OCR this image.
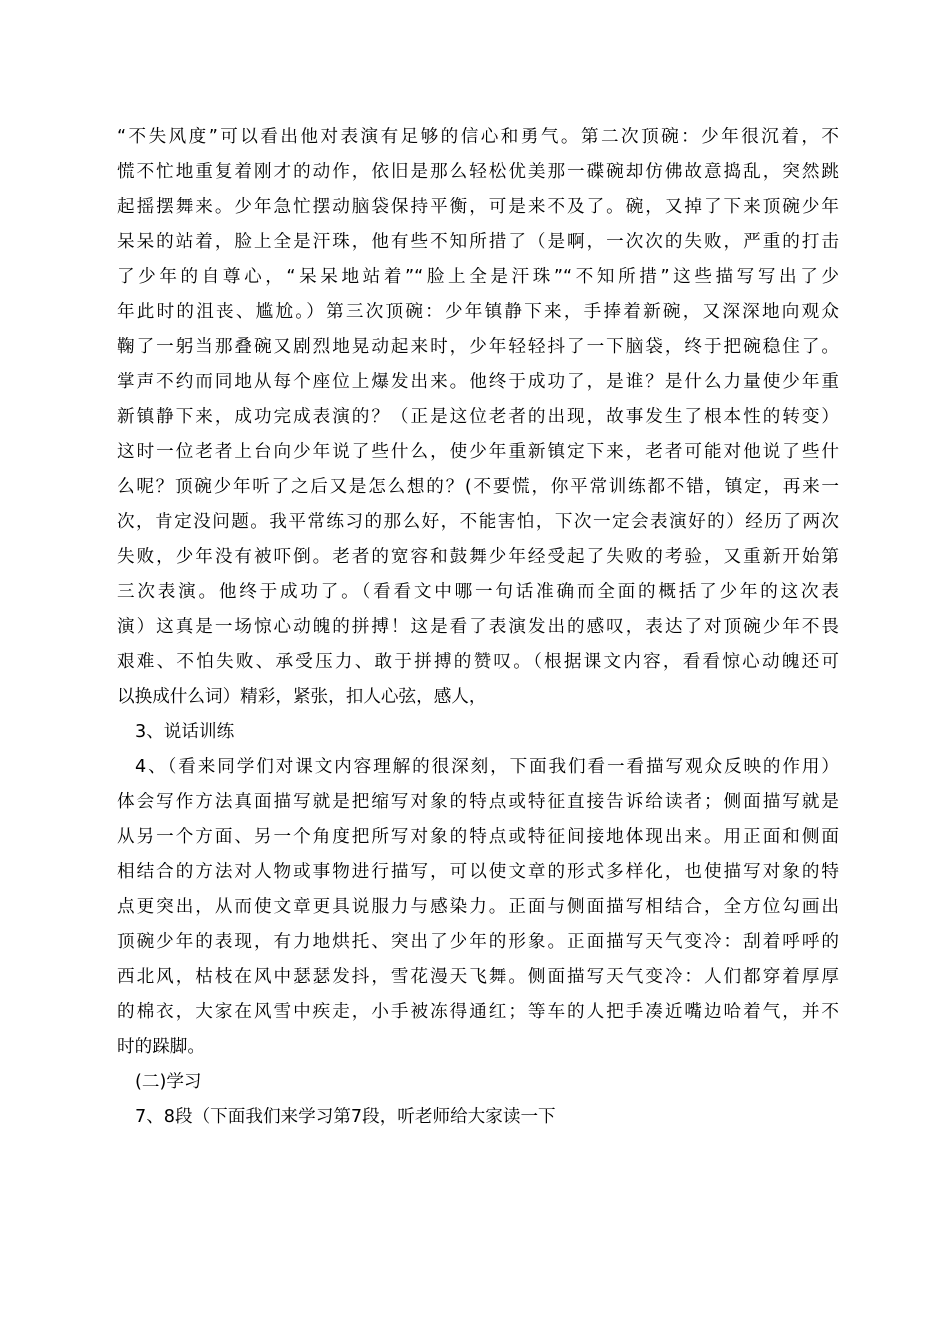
“不失风度”可以看出他对表演有足够的信心和勇气。第二次顶碗：少年很沉着，不
慌不忙地重复着刚才的动作，依旧是那么轻松优美那一碟碗却仿佛故意捣乱，突然跳
起摇摆舞来。少年急忙摆动脑袋保持平衡，可是来不及了。碗，又掉了下来顶碗少年
呆呆的站着，脸上全是汗珠，他有些不知所措了（是啊，一次次的失败，严重的打击
了少年的自尊心，“呆呆地站着”“脸上全是汗珠”“不知所措”这些描写写出了少
年此时的沮丧、尴尬。）第三次顶碗：少年镇静下来，手捧着新碗，又深深地向观众
鞠了一躬当那叠碗又剧烈地晃动起来时，少年轻轻抖了一下脑袋，终于把碗稳住了。
掌声不约而同地从每个座位上爆发出来。他终于成功了，是谁？是什么力量使少年重
新镇静下来，成功完成表演的？（正是这位老者的出现，故事发生了根本性的转变）
这时一位老者上台向少年说了些什么，使少年重新镇定下来，老者可能对他说了些什
么呢？顶碗少年听了之后又是怎么想的？(不要慌，你平常训练都不错，镇定，再来一
次，肯定没问题。我平常练习的那么好，不能害怕，下次一定会表演好的）经历了两次
失败，少年没有被吓倒。老者的宽容和鼓舞少年经受起了失败的考验，又重新开始第
三次表演。他终于成功了。（看看文中哪一句话准确而全面的概括了少年的这次表
演）这真是一场惊心动魄的拼搏！这是看了表演发出的感叹，表达了对顶碗少年不畏
艰难、不怕失败、承受压力、敢于拼搏的赞叹。（根据课文内容，看看惊心动魄还可
以换成什么词）精彩，紧张，扣人心弦，感人，
3、说话训练
4、（看来同学们对课文内容理解的很深刻，下面我们看一看描写观众反映的作用）
体会写作方法真面描写就是把缩写对象的特点或特征直接告诉给读者；侧面描写就是
从另一个方面、另一个角度把所写对象的特点或特征间接地体现出来。用正面和侧面
相结合的方法对人物或事物进行描写，可以使文章的形式多样化，也使描写对象的特
点更突出，从而使文章更具说服力与感染力。正面与侧面描写相结合，全方位勾画出
顶碗少年的表现，有力地烘托、突出了少年的形象。正面描写天气变冷：刮着呼呼的
西北风，枯枝在风中瑟瑟发抖，雪花漫天飞舞。侧面描写天气变冷：人们都穿着厚厚
的棉衣，大家在风雪中疾走，小手被冻得通红；等车的人把手凑近嘴边哈着气，并不
时的跺脚。
(二)学习
7、8段（下面我们来学习第7段，听老师给大家读一下
